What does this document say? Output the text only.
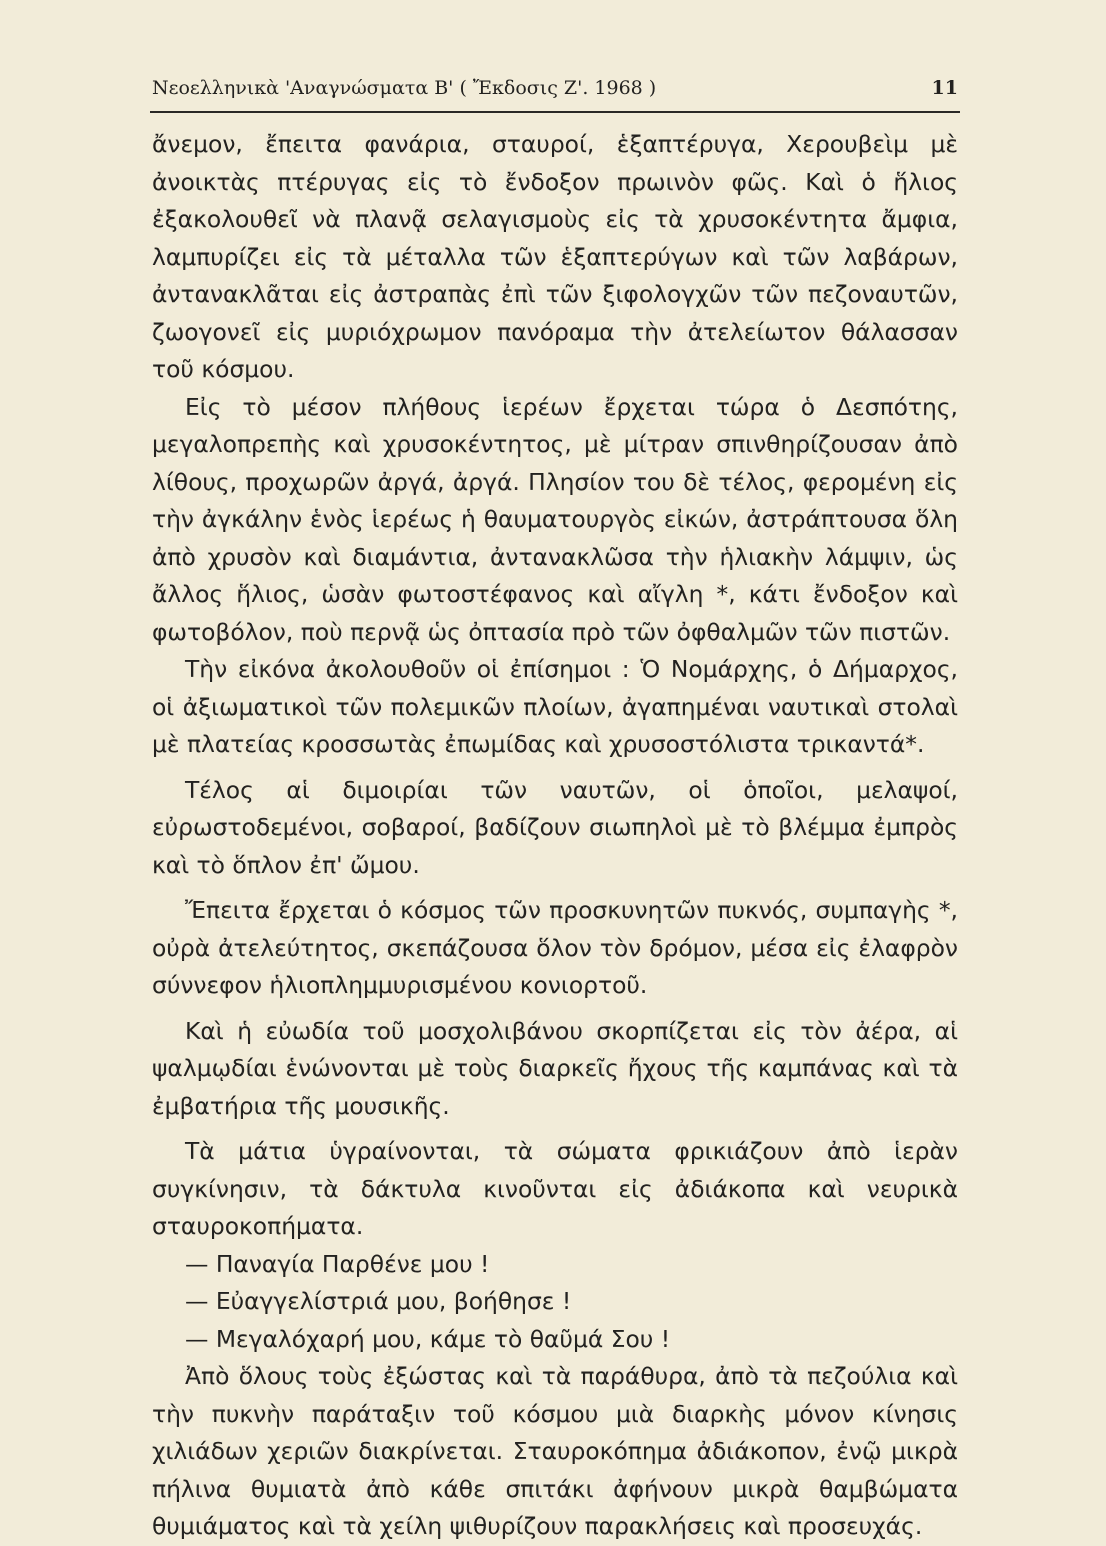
Νεοελληνικὰ 'Αναγνώσματα Β' ( Ἔκδοσις Ζ'. 1968 )	11

ἄνεμον, ἔπειτα φανάρια, σταυροί, ἑξαπτέρυγα, Χερουβεὶμ μὲ ἀνοικτὰς πτέρυγας εἰς τὸ ἔνδοξον πρωινὸν φῶς. Καὶ ὁ ἥλιος ἐξακολουθεῖ νὰ πλανᾷ σελαγισμοὺς εἰς τὰ χρυσοκέντητα ἄμφια, λαμπυρίζει εἰς τὰ μέταλλα τῶν ἑξαπτερύγων καὶ τῶν λαβάρων, ἀντανακλᾶται εἰς ἀστραπὰς ἐπὶ τῶν ξιφολογχῶν τῶν πεζοναυτῶν, ζωογονεῖ εἰς μυριόχρωμον πανόραμα τὴν ἀτελείωτον θάλασσαν τοῦ κόσμου.

Εἰς τὸ μέσον πλήθους ἱερέων ἔρχεται τώρα ὁ Δεσπότης, μεγαλοπρεπὴς καὶ χρυσοκέντητος, μὲ μίτραν σπινθηρίζουσαν ἀπὸ λίθους, προχωρῶν ἀργά, ἀργά. Πλησίον του δὲ τέλος, φερομένη εἰς τὴν ἀγκάλην ἑνὸς ἱερέως ἡ θαυματουργὸς εἰκών, ἀστράπτουσα ὅλη ἀπὸ χρυσὸν καὶ διαμάντια, ἀντανακλῶσα τὴν ἡλιακὴν λάμψιν, ὡς ἄλλος ἥλιος, ὡσὰν φωτοστέφανος καὶ αἴγλη *, κάτι ἔνδοξον καὶ φωτοβόλον, ποὺ περνᾷ ὡς ὀπτασία πρὸ τῶν ὀφθαλμῶν τῶν πιστῶν.

Τὴν εἰκόνα ἀκολουθοῦν οἱ ἐπίσημοι : Ὁ Νομάρχης, ὁ Δήμαρχος, οἱ ἀξιωματικοὶ τῶν πολεμικῶν πλοίων, ἀγαπημέναι ναυτικαὶ στολαὶ μὲ πλατείας κροσσωτὰς ἐπωμίδας καὶ χρυσοστόλιστα τρικαντά*.

Τέλος αἱ διμοιρίαι τῶν ναυτῶν, οἱ ὁποῖοι, μελαψοί, εὐρωστοδεμένοι, σοβαροί, βαδίζουν σιωπηλοὶ μὲ τὸ βλέμμα ἐμπρὸς καὶ τὸ ὅπλον ἐπ' ὤμου.

Ἔπειτα ἔρχεται ὁ κόσμος τῶν προσκυνητῶν πυκνός, συμπαγὴς *, οὐρὰ ἀτελεύτητος, σκεπάζουσα ὅλον τὸν δρόμον, μέσα εἰς ἐλαφρὸν σύννεφον ἡλιοπλημμυρισμένου κονιορτοῦ.

Καὶ ἡ εὐωδία τοῦ μοσχολιβάνου σκορπίζεται εἰς τὸν ἀέρα, αἱ ψαλμῳδίαι ἑνώνονται μὲ τοὺς διαρκεῖς ἤχους τῆς καμπάνας καὶ τὰ ἐμβατήρια τῆς μουσικῆς.

Τὰ μάτια ὑγραίνονται, τὰ σώματα φρικιάζουν ἀπὸ ἱερὰν συγκίνησιν, τὰ δάκτυλα κινοῦνται εἰς ἀδιάκοπα καὶ νευρικὰ σταυροκοπήματα.

— Παναγία Παρθένε μου !

— Εὐαγγελίστριά μου, βοήθησε !

— Μεγαλόχαρή μου, κάμε τὸ θαῦμά Σου !

Ἀπὸ ὅλους τοὺς ἐξώστας καὶ τὰ παράθυρα, ἀπὸ τὰ πεζούλια καὶ τὴν πυκνὴν παράταξιν τοῦ κόσμου μιὰ διαρκὴς μόνον κίνησις χιλιάδων χεριῶν διακρίνεται. Σταυροκόπημα ἀδιάκοπον, ἐνῷ μικρὰ πήλινα θυμιατὰ ἀπὸ κάθε σπιτάκι ἀφήνουν μικρὰ θαμβώματα θυμιάματος καὶ τὰ χείλη ψιθυρίζουν παρακλήσεις καὶ προσευχάς.
